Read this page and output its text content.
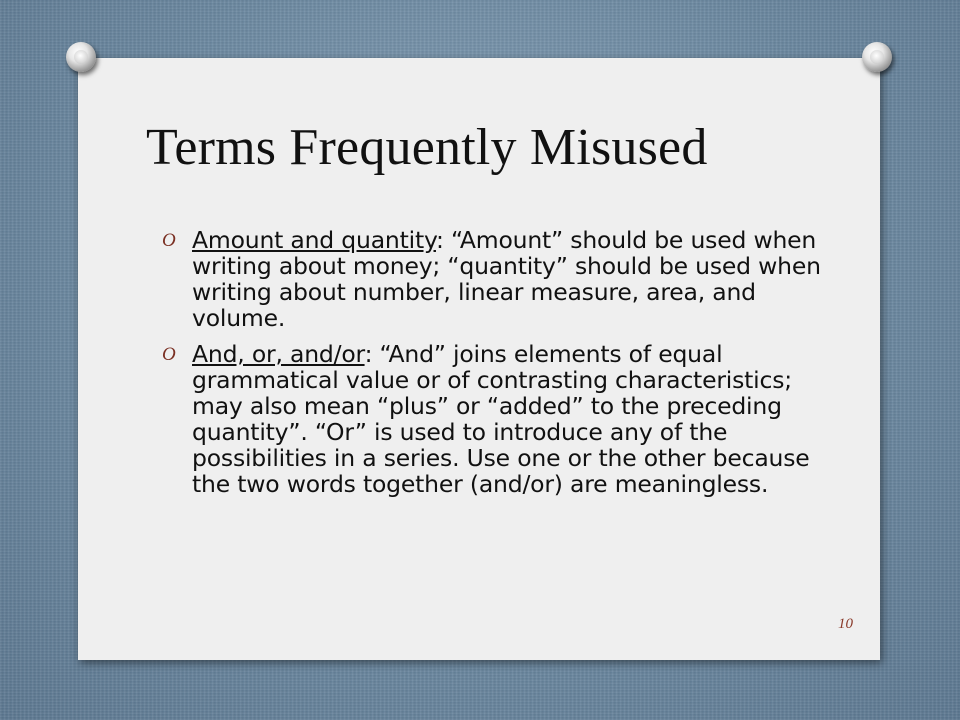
Terms Frequently Misused
O Amount and quantity: “Amount” should be used when writing about money; “quantity” should be used when writing about number, linear measure, area, and volume.
O And, or, and/or: “And” joins elements of equal grammatical value or of contrasting characteristics; may also mean “plus” or “added” to the preceding quantity”. “Or” is used to introduce any of the possibilities in a series. Use one or the other because the two words together (and/or) are meaningless.
10
